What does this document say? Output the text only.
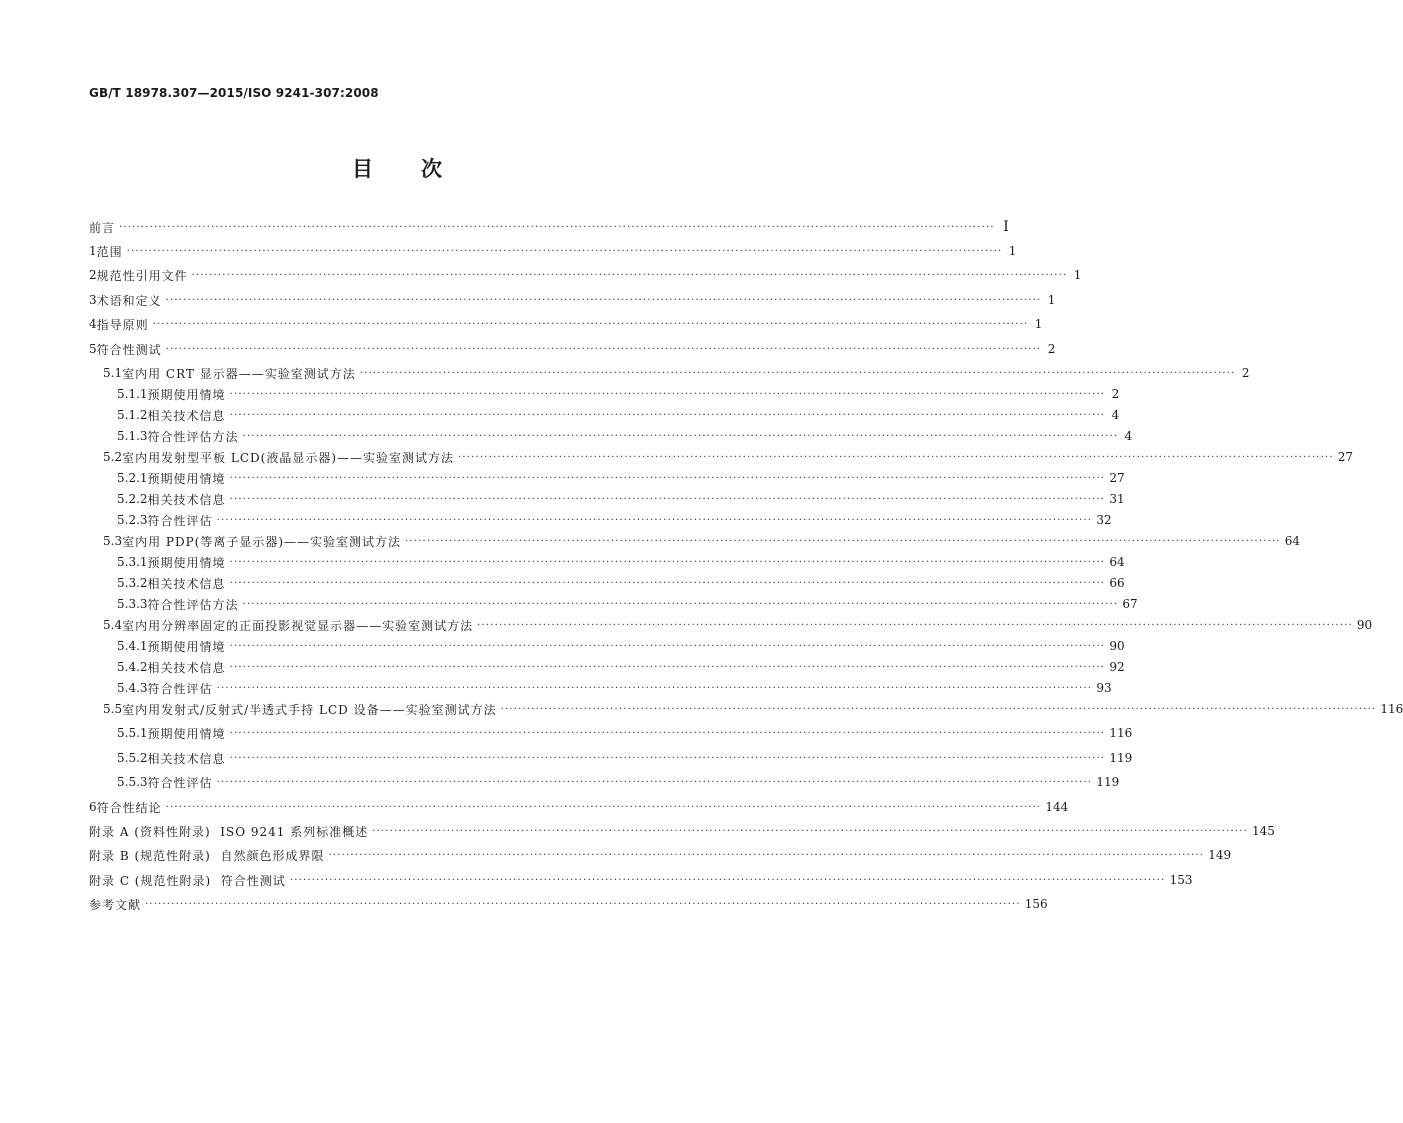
GB/T 18978.307—2015/ISO 9241-307:2008
目 次
前言 ········································································································································································································ I
1 范围 ········································································································································································································ 1
2 规范性引用文件 ········································································································································································································ 1
3 术语和定义 ········································································································································································································ 1
4 指导原则 ········································································································································································································ 1
5 符合性测试 ········································································································································································································ 2
5.1 室内用 CRT 显示器——实验室测试方法 ········································································································································································································ 2
5.1.1 预期使用情境 ········································································································································································································ 2
5.1.2 相关技术信息 ········································································································································································································ 4
5.1.3 符合性评估方法 ········································································································································································································ 4
5.2 室内用发射型平板 LCD(液晶显示器)——实验室测试方法 ········································································································································································································ 27
5.2.1 预期使用情境 ········································································································································································································ 27
5.2.2 相关技术信息 ········································································································································································································ 31
5.2.3 符合性评估 ········································································································································································································ 32
5.3 室内用 PDP(等离子显示器)——实验室测试方法 ········································································································································································································ 64
5.3.1 预期使用情境 ········································································································································································································ 64
5.3.2 相关技术信息 ········································································································································································································ 66
5.3.3 符合性评估方法 ········································································································································································································ 67
5.4 室内用分辨率固定的正面投影视觉显示器——实验室测试方法 ········································································································································································································ 90
5.4.1 预期使用情境 ········································································································································································································ 90
5.4.2 相关技术信息 ········································································································································································································ 92
5.4.3 符合性评估 ········································································································································································································ 93
5.5 室内用发射式/反射式/半透式手持 LCD 设备——实验室测试方法 ········································································································································································································ 116
5.5.1 预期使用情境 ········································································································································································································ 116
5.5.2 相关技术信息 ········································································································································································································ 119
5.5.3 符合性评估 ········································································································································································································ 119
6 符合性结论 ········································································································································································································ 144
附录 A (资料性附录)  ISO 9241 系列标准概述 ········································································································································································································ 145
附录 B (规范性附录)  自然颜色形成界限 ········································································································································································································ 149
附录 C (规范性附录)  符合性测试 ········································································································································································································ 153
参考文献 ········································································································································································································ 156
